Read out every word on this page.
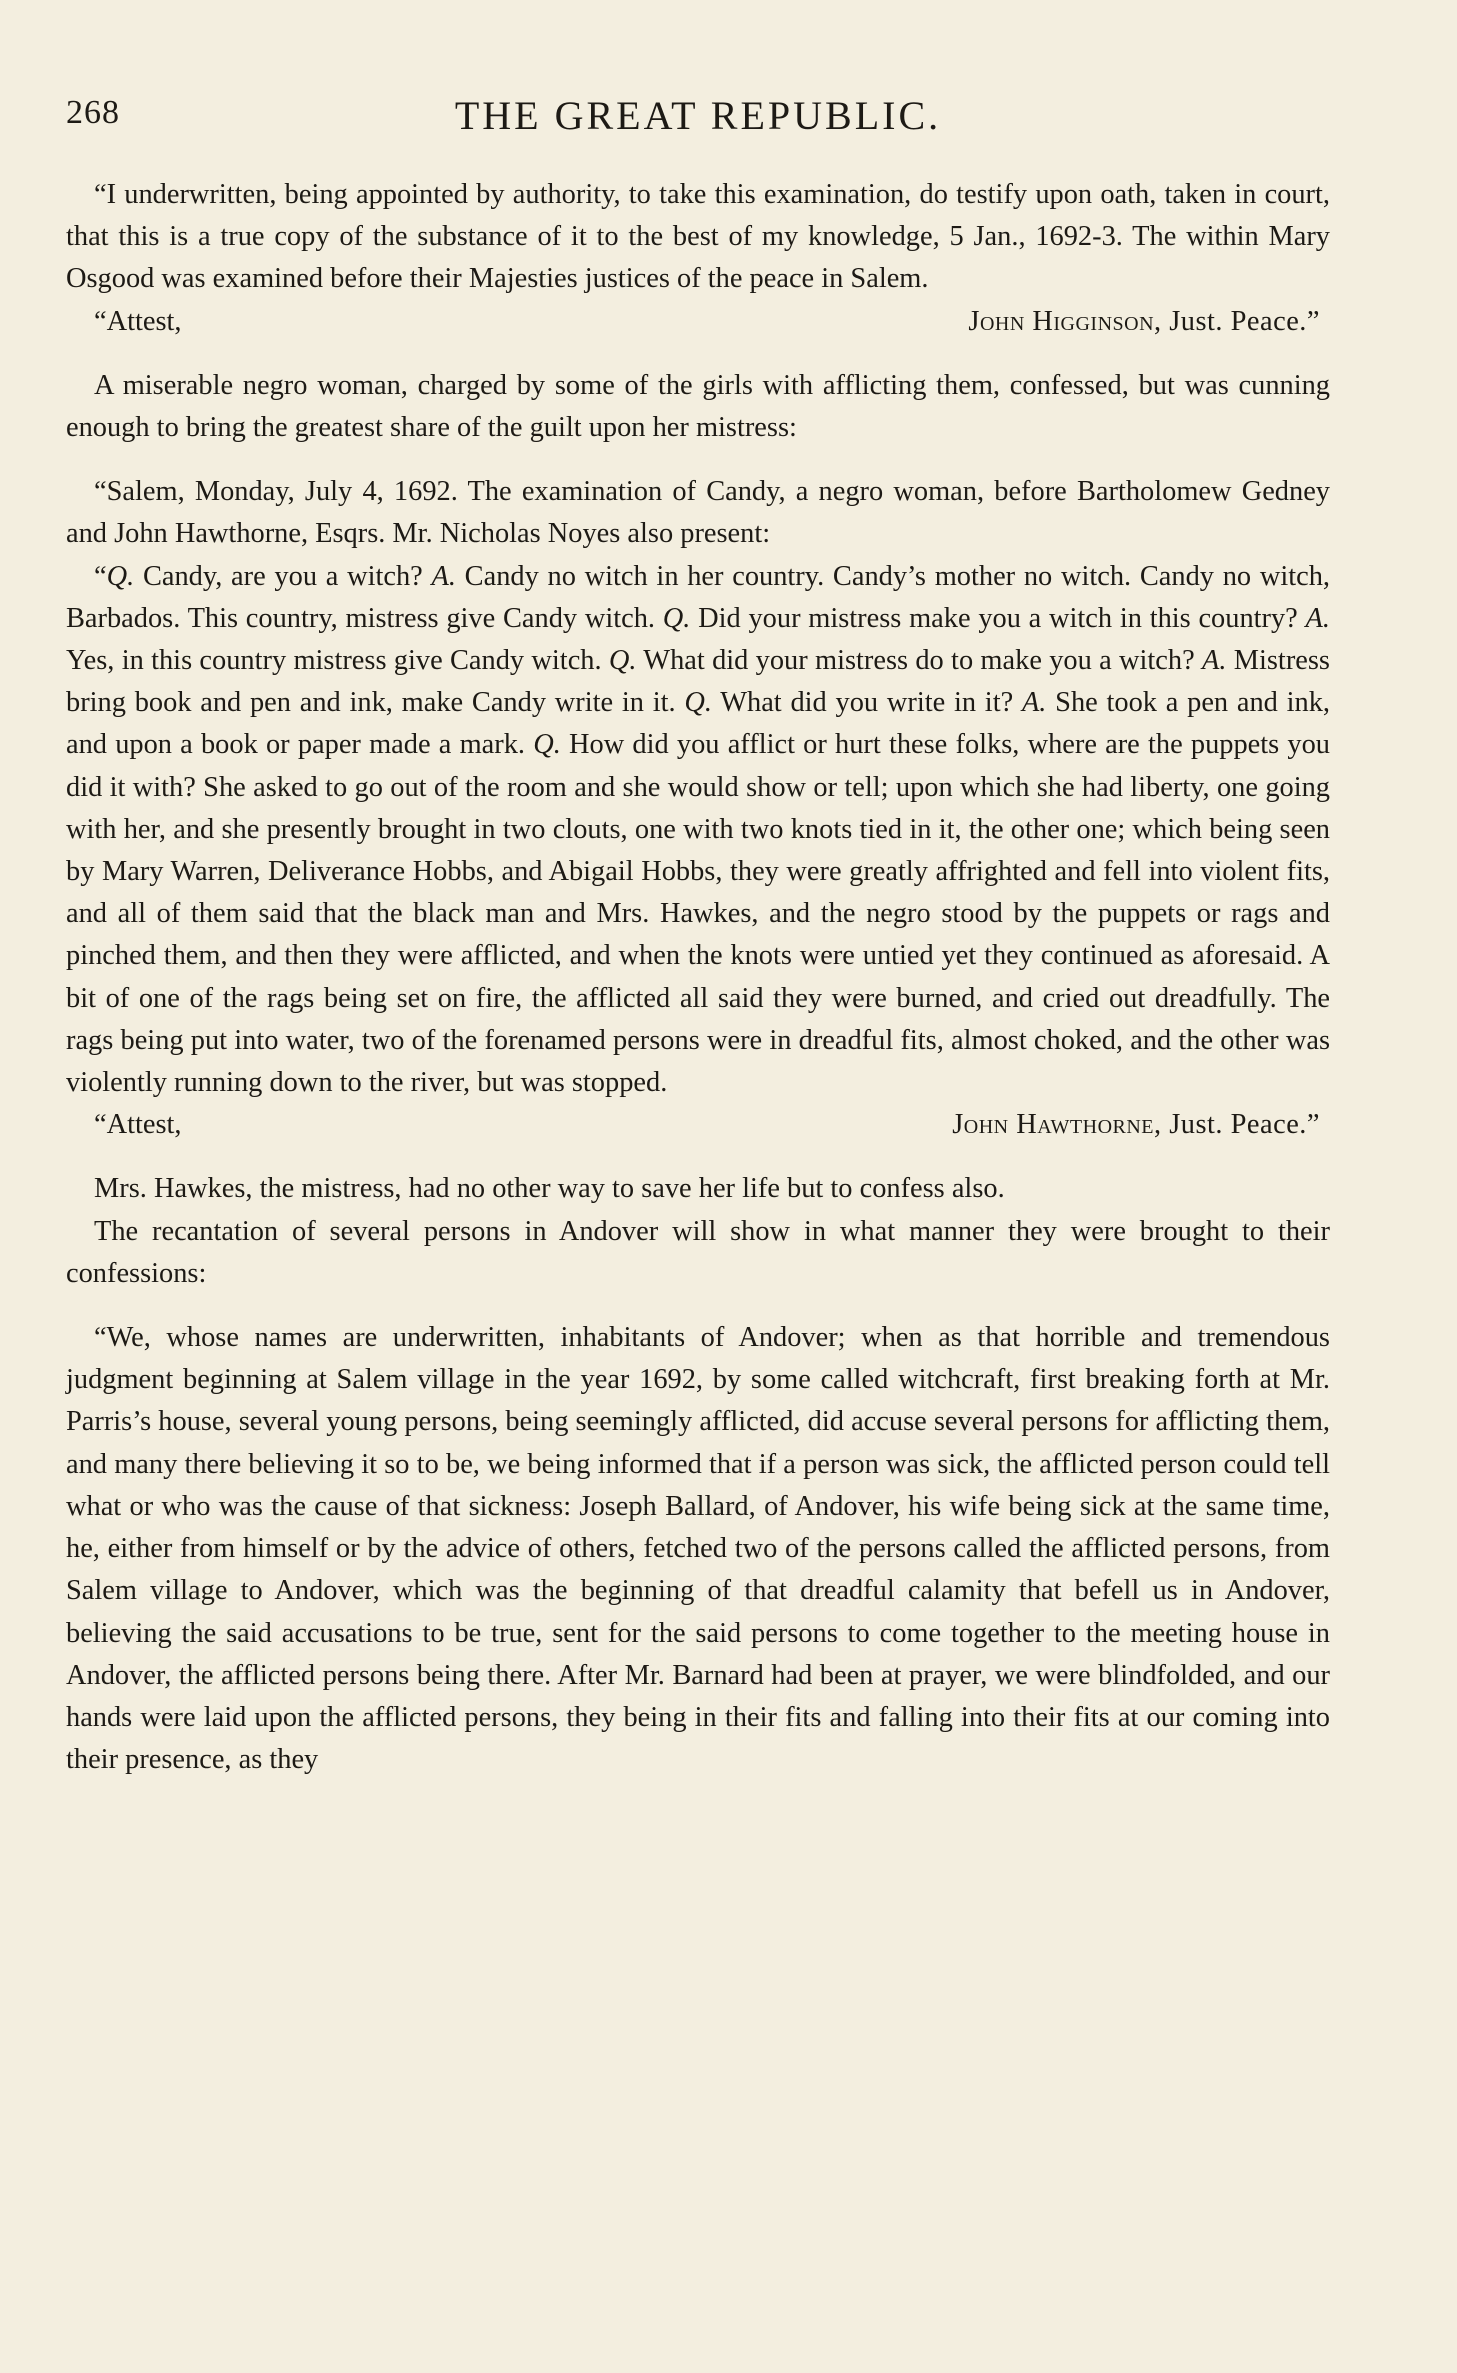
268	THE GREAT REPUBLIC.

“I underwritten, being appointed by authority, to take this examination, do testify upon oath, taken in court, that this is a true copy of the substance of it to the best of my knowledge, 5 Jan., 1692-3. The within Mary Osgood was examined before their Majesties justices of the peace in Salem.

“Attest,	John Higginson, Just. Peace.”

A miserable negro woman, charged by some of the girls with afflicting them, confessed, but was cunning enough to bring the greatest share of the guilt upon her mistress:

“Salem, Monday, July 4, 1692. The examination of Candy, a negro woman, before Bartholomew Gedney and John Hawthorne, Esqrs. Mr. Nicholas Noyes also present:

“Q. Candy, are you a witch? A. Candy no witch in her country. Candy’s mother no witch. Candy no witch, Barbados. This country, mistress give Candy witch. Q. Did your mistress make you a witch in this country? A. Yes, in this country mistress give Candy witch. Q. What did your mistress do to make you a witch? A. Mistress bring book and pen and ink, make Candy write in it. Q. What did you write in it? A. She took a pen and ink, and upon a book or paper made a mark. Q. How did you afflict or hurt these folks, where are the puppets you did it with? She asked to go out of the room and she would show or tell; upon which she had liberty, one going with her, and she presently brought in two clouts, one with two knots tied in it, the other one; which being seen by Mary Warren, Deliverance Hobbs, and Abigail Hobbs, they were greatly affrighted and fell into violent fits, and all of them said that the black man and Mrs. Hawkes, and the negro stood by the puppets or rags and pinched them, and then they were afflicted, and when the knots were untied yet they continued as aforesaid. A bit of one of the rags being set on fire, the afflicted all said they were burned, and cried out dreadfully. The rags being put into water, two of the forenamed persons were in dreadful fits, almost choked, and the other was violently running down to the river, but was stopped.

“Attest,	John Hawthorne, Just. Peace.”

Mrs. Hawkes, the mistress, had no other way to save her life but to confess also.

The recantation of several persons in Andover will show in what manner they were brought to their confessions:

“We, whose names are underwritten, inhabitants of Andover; when as that horrible and tremendous judgment beginning at Salem village in the year 1692, by some called witchcraft, first breaking forth at Mr. Parris’s house, several young persons, being seemingly afflicted, did accuse several persons for afflicting them, and many there believing it so to be, we being informed that if a person was sick, the afflicted person could tell what or who was the cause of that sickness: Joseph Ballard, of Andover, his wife being sick at the same time, he, either from himself or by the advice of others, fetched two of the persons called the afflicted persons, from Salem village to Andover, which was the beginning of that dreadful calamity that befell us in Andover, believing the said accusations to be true, sent for the said persons to come together to the meeting house in Andover, the afflicted persons being there. After Mr. Barnard had been at prayer, we were blindfolded, and our hands were laid upon the afflicted persons, they being in their fits and falling into their fits at our coming into their presence, as they
